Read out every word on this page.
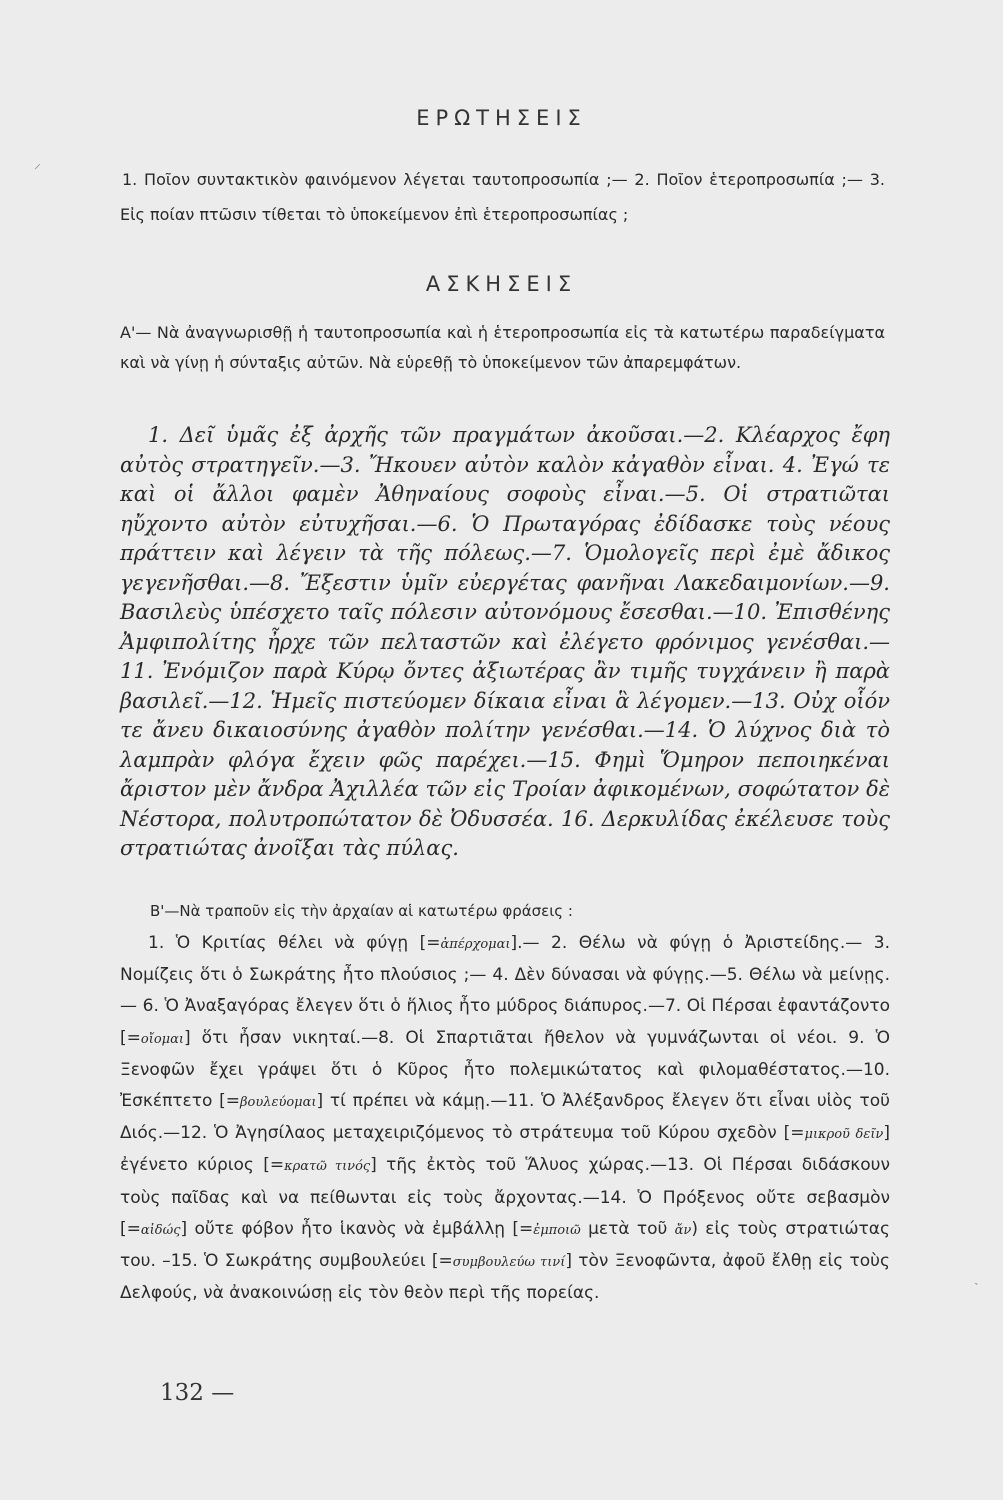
⸍
ΕΡΩΤΗΣΕΙΣ
1. Ποῖον συντακτικὸν φαινόμενον λέγεται ταυτοπροσωπία ;— 2. Ποῖον ἑτεροπροσωπία ;— 3. Εἰς ποίαν πτῶσιν τίθεται τὸ ὑποκείμενον ἐπὶ ἑτεροπροσωπίας ;
ΑΣΚΗΣΕΙΣ
Α'— Νὰ ἀναγνωρισθῇ ἡ ταυτοπροσωπία καὶ ἡ ἑτεροπροσωπία εἰς τὰ κατωτέρω παραδείγματα καὶ νὰ γίνῃ ἡ σύνταξις αὐτῶν. Νὰ εὑρεθῇ τὸ ὑποκείμενον τῶν ἀπαρεμφάτων.
1. Δεῖ ὑμᾶς ἐξ ἀρχῆς τῶν πραγμάτων ἀκοῦσαι.—2. Κλέαρχος ἔφη αὐτὸς στρατηγεῖν.—3. Ἤκουεν αὐτὸν καλὸν κἀγαθὸν εἶναι. 4. Ἐγώ τε καὶ οἱ ἄλλοι φαμὲν Ἀθηναίους σοφοὺς εἶναι.—5. Οἱ στρατιῶται ηὔχοντο αὐτὸν εὐτυχῆσαι.—6. Ὁ Πρωταγόρας ἐδίδασκε τοὺς νέους πράττειν καὶ λέγειν τὰ τῆς πόλεως.—7. Ὁμολογεῖς περὶ ἐμὲ ἄδικος γεγενῆσθαι.—8. Ἔξεστιν ὑμῖν εὐεργέτας φανῆναι Λακεδαιμονίων.—9. Βασιλεὺς ὑπέσχετο ταῖς πόλεσιν αὐτονόμους ἔσεσθαι.—10. Ἐπισθένης Ἀμφιπολίτης ἦρχε τῶν πελταστῶν καὶ ἐλέγετο φρόνιμος γενέσθαι.—11. Ἐνόμιζον παρὰ Κύρῳ ὄντες ἀξιωτέρας ἂν τιμῆς τυγχάνειν ἢ παρὰ βασιλεῖ.—12. Ἡμεῖς πιστεύομεν δίκαια εἶναι ἃ λέγομεν.—13. Οὐχ οἷόν τε ἄνευ δικαιοσύνης ἀγαθὸν πολίτην γενέσθαι.—14. Ὁ λύχνος διὰ τὸ λαμπρὰν φλόγα ἔχειν φῶς παρέχει.—15. Φημὶ Ὅμηρον πεποιηκέναι ἄριστον μὲν ἄνδρα Ἀχιλλέα τῶν εἰς Τροίαν ἀφικομένων, σοφώτατον δὲ Νέστορα, πολυτροπώτατον δὲ Ὀδυσσέα. 16. Δερκυλίδας ἐκέλευσε τοὺς στρατιώτας ἀνοῖξαι τὰς πύλας.
Β'—Νὰ τραποῦν εἰς τὴν ἀρχαίαν αἱ κατωτέρω φράσεις :
1. Ὁ Κριτίας θέλει νὰ φύγῃ [=ἀπέρχομαι].— 2. Θέλω νὰ φύγῃ ὁ Ἀριστείδης.— 3. Νομίζεις ὅτι ὁ Σωκράτης ἦτο πλούσιος ;— 4. Δὲν δύνασαι νὰ φύγῃς.—5. Θέλω νὰ μείνῃς.— 6. Ὁ Ἀναξαγόρας ἔλεγεν ὅτι ὁ ἥλιος ἦτο μύδρος διάπυρος.—7. Οἱ Πέρσαι ἐφαντάζοντο [=οἴομαι] ὅτι ἦσαν νικηταί.—8. Οἱ Σπαρτιᾶται ἤθελον νὰ γυμνάζωνται οἱ νέοι. 9. Ὁ Ξενοφῶν ἔχει γράψει ὅτι ὁ Κῦρος ἦτο πολεμικώτατος καὶ φιλομαθέστατος.—10. Ἐσκέπτετο [=βουλεύομαι] τί πρέπει νὰ κάμῃ.—11. Ὁ Ἀλέξανδρος ἔλεγεν ὅτι εἶναι υἱὸς τοῦ Διός.—12. Ὁ Ἀγησίλαος μεταχειριζόμενος τὸ στράτευμα τοῦ Κύρου σχεδὸν [=μικροῦ δεῖν] ἐγένετο κύριος [=κρατῶ τινός] τῆς ἐκτὸς τοῦ Ἅλυος χώρας.—13. Οἱ Πέρσαι διδάσκουν τοὺς παῖδας καὶ να πείθωνται εἰς τοὺς ἄρχοντας.—14. Ὁ Πρόξενος οὔτε σεβασμὸν [=αἰδώς] οὔτε φόβον ἦτο ἱκανὸς νὰ ἐμβάλλῃ [=ἐμποιῶ μετὰ τοῦ ἄν) εἰς τοὺς στρατιώτας του. –15. Ὁ Σωκράτης συμβουλεύει [=συμβουλεύω τινί] τὸν Ξενοφῶντα, ἀφοῦ ἔλθῃ εἰς τοὺς Δελφούς, νὰ ἀνακοινώσῃ εἰς τὸν θεὸν περὶ τῆς πορείας.
ˎ
132 —
